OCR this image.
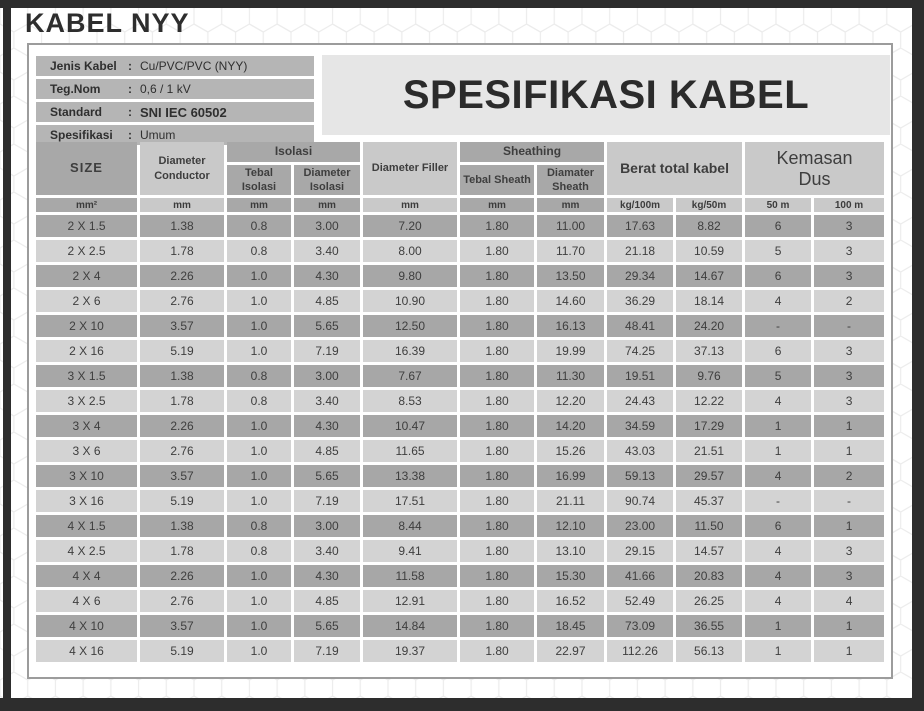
KABEL NYY
Jenis Kabel : Cu/PVC/PVC (NYY)
Teg.Nom	: 0,6 / 1 kV
Standard	: SNI IEC 60502
Spesifikasi	: Umum
SPESIFIKASI KABEL
SIZE	Diameter Conductor	Isolasi		Diameter Filler	Sheathing		Berat total kabel		Kemasan Dus	
		Tebal Isolasi	Diameter Isolasi		Tebal Sheath	Diamater Sheath				
mm²	mm	mm	mm	mm	mm	mm	kg/100m	kg/50m	50 m	100 m
2 X 1.5	1.38	0.8	3.00	7.20	1.80	11.00	17.63	8.82	6	3
2 X 2.5	1.78	0.8	3.40	8.00	1.80	11.70	21.18	10.59	5	3
2 X 4	2.26	1.0	4.30	9.80	1.80	13.50	29.34	14.67	6	3
2 X 6	2.76	1.0	4.85	10.90	1.80	14.60	36.29	18.14	4	2
2 X 10	3.57	1.0	5.65	12.50	1.80	16.13	48.41	24.20	-	-
2 X 16	5.19	1.0	7.19	16.39	1.80	19.99	74.25	37.13	6	3
3 X 1.5	1.38	0.8	3.00	7.67	1.80	11.30	19.51	9.76	5	3
3 X 2.5	1.78	0.8	3.40	8.53	1.80	12.20	24.43	12.22	4	3
3 X 4	2.26	1.0	4.30	10.47	1.80	14.20	34.59	17.29	1	1
3 X 6	2.76	1.0	4.85	11.65	1.80	15.26	43.03	21.51	1	1
3 X 10	3.57	1.0	5.65	13.38	1.80	16.99	59.13	29.57	4	2
3 X 16	5.19	1.0	7.19	17.51	1.80	21.11	90.74	45.37	-	-
4 X 1.5	1.38	0.8	3.00	8.44	1.80	12.10	23.00	11.50	6	1
4 X 2.5	1.78	0.8	3.40	9.41	1.80	13.10	29.15	14.57	4	3
4 X 4	2.26	1.0	4.30	11.58	1.80	15.30	41.66	20.83	4	3
4 X 6	2.76	1.0	4.85	12.91	1.80	16.52	52.49	26.25	4	4
4 X 10	3.57	1.0	5.65	14.84	1.80	18.45	73.09	36.55	1	1
4 X 16	5.19	1.0	7.19	19.37	1.80	22.97	112.26	56.13	1	1
